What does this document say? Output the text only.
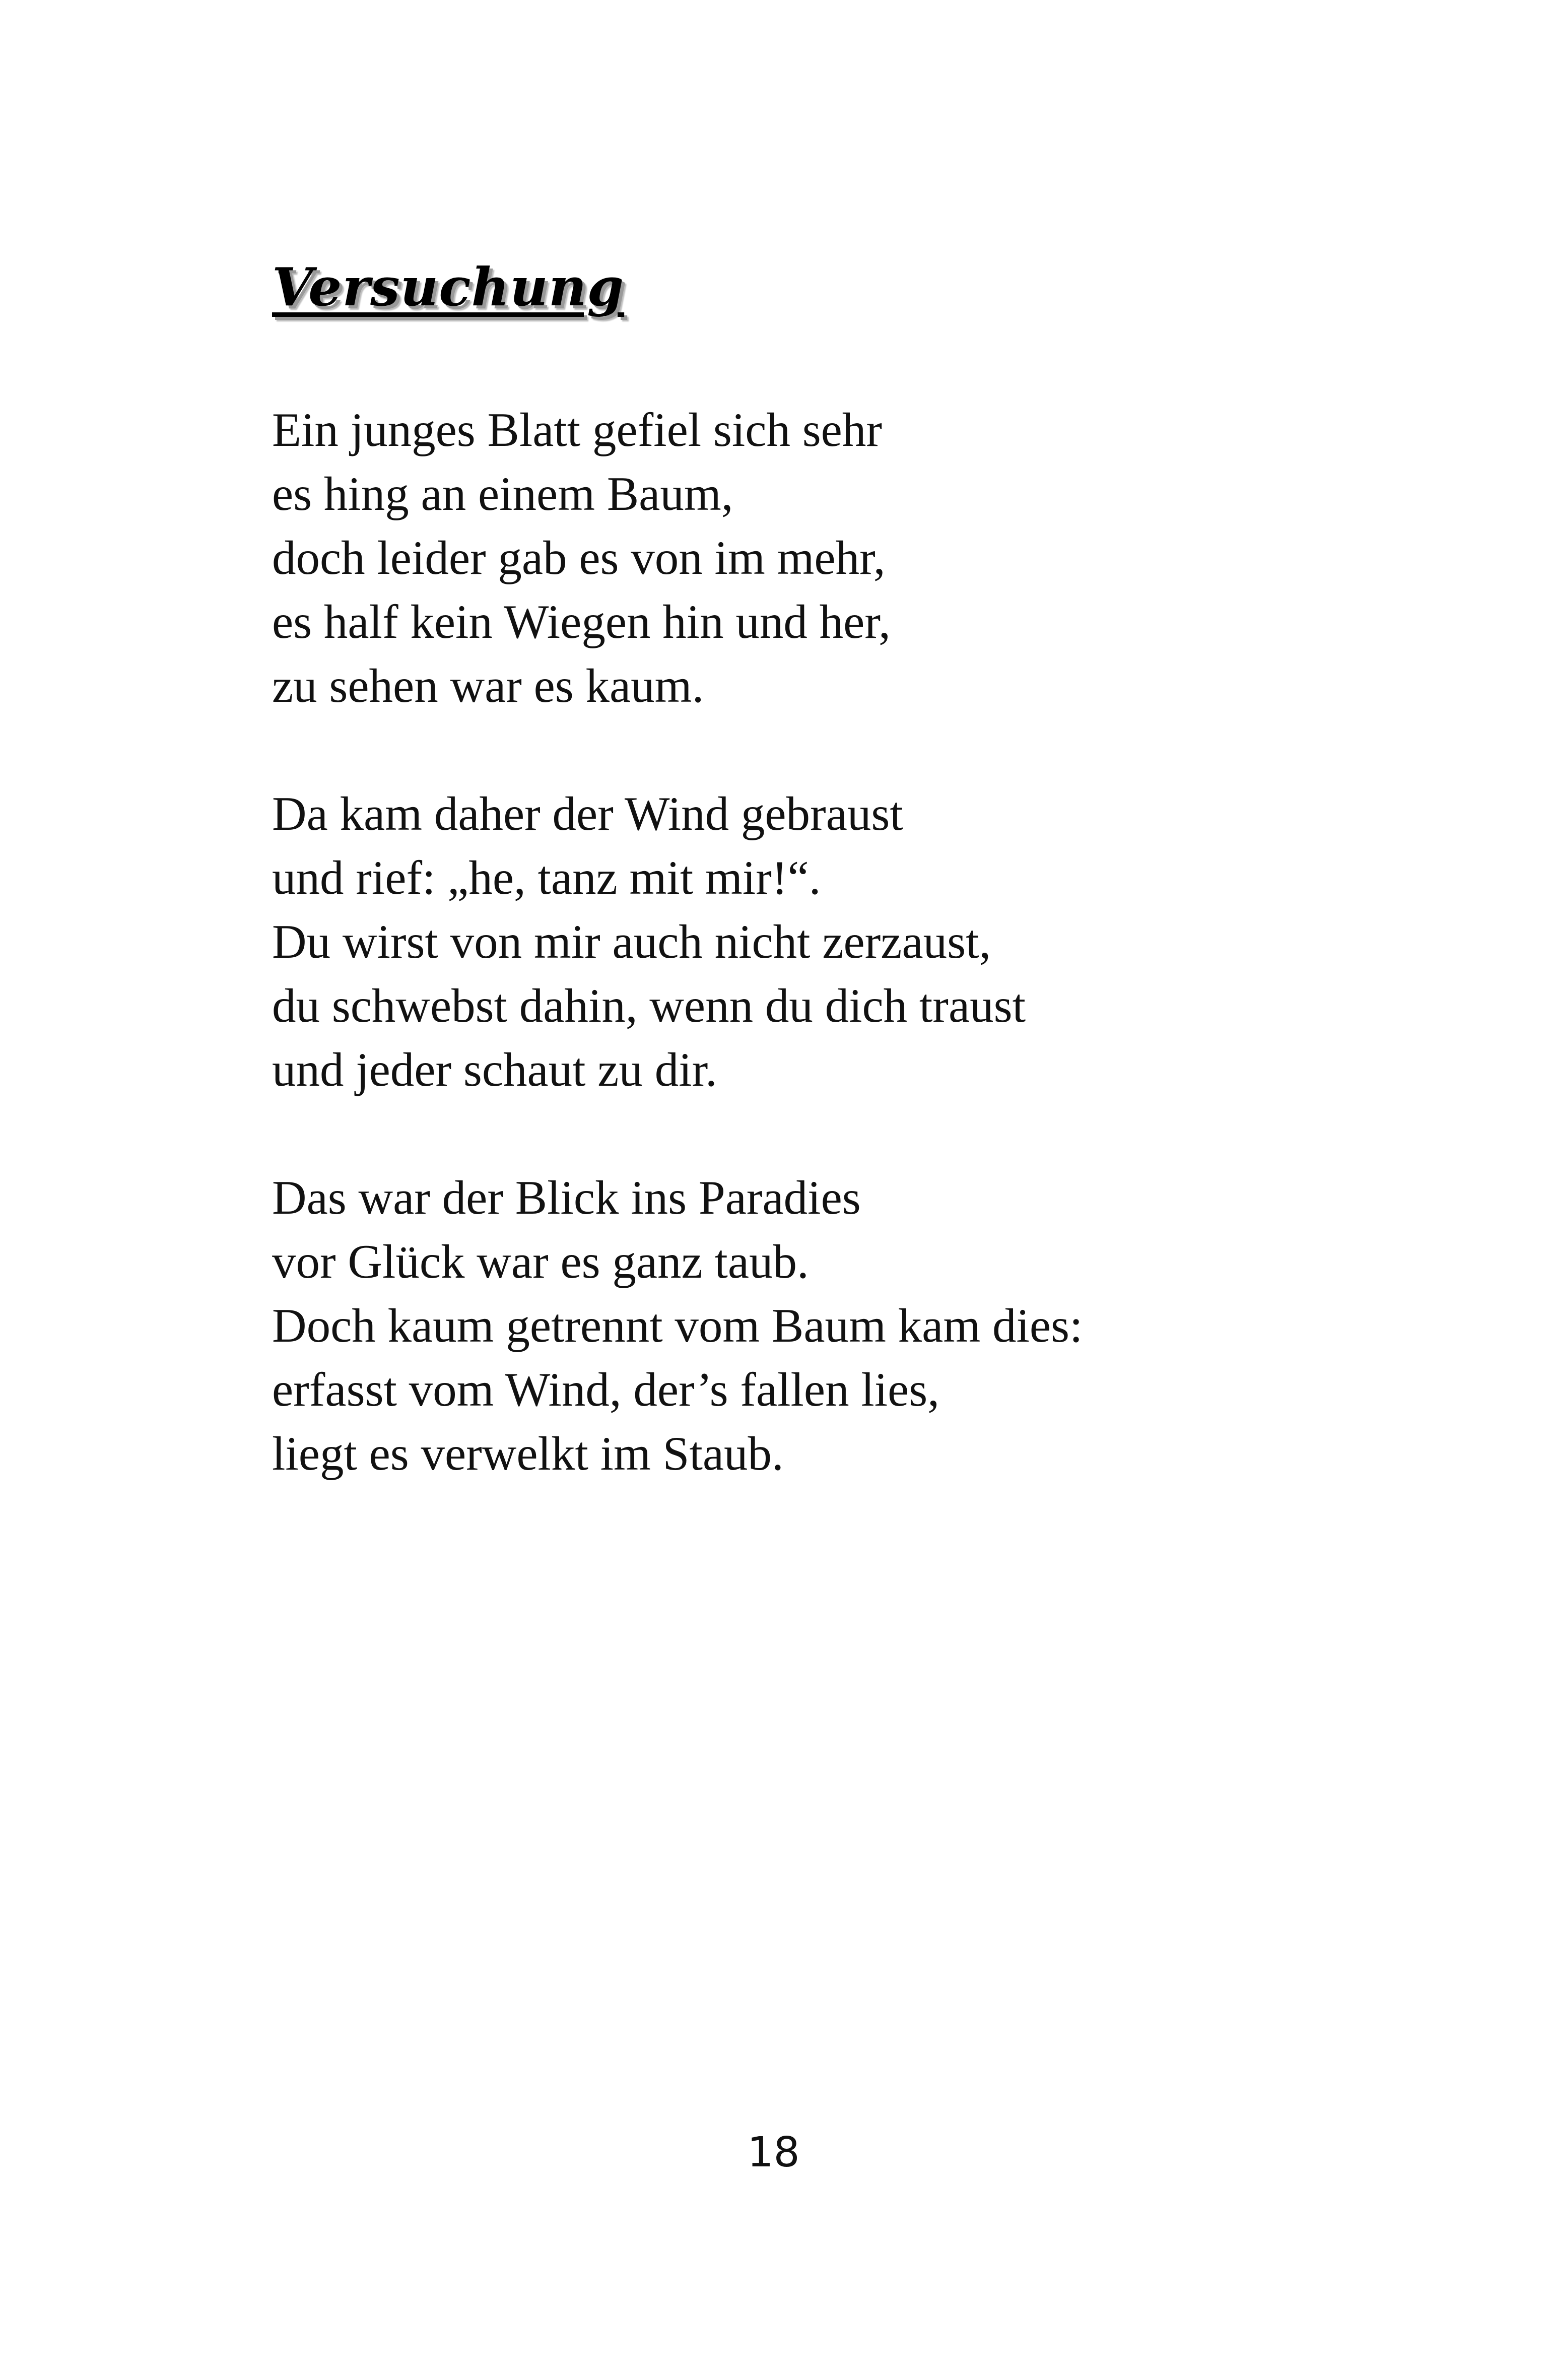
Versuchung

Ein junges Blatt gefiel sich sehr
es hing an einem Baum,
doch leider gab es von im mehr,
es half kein Wiegen hin und her,
zu sehen war es kaum.

Da kam daher der Wind gebraust
und rief: „he, tanz mit mir!“.
Du wirst von mir auch nicht zerzaust,
du schwebst dahin, wenn du dich traust
und jeder schaut zu dir.

Das war der Blick ins Paradies
vor Glück war es ganz taub.
Doch kaum getrennt vom Baum kam dies:
erfasst vom Wind, der’s fallen lies,
liegt es verwelkt im Staub.

18
